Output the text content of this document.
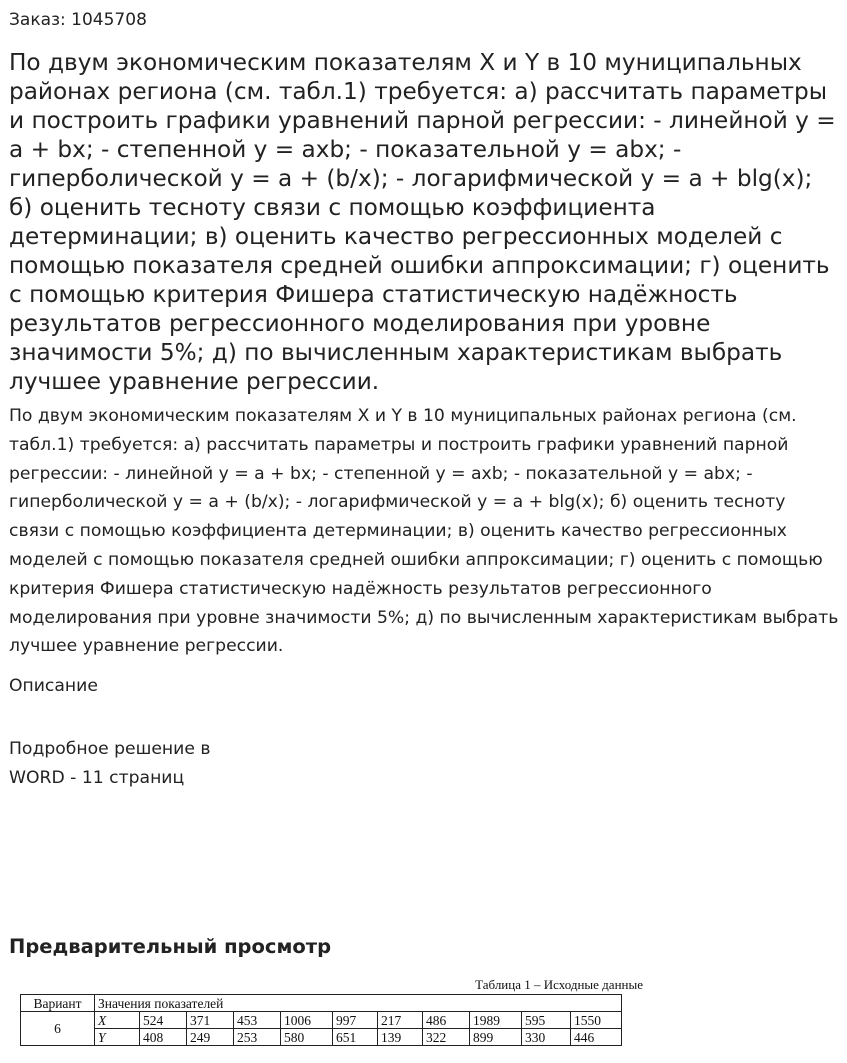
Заказ: 1045708
По двум экономическим показателям X и Y в 10 муниципальных районах региона (см. табл.1) требуется: а) рассчитать параметры и построить графики уравнений парной регрессии: - линейной y = a + bx; - степенной y = axb; - показательной y = abx; - гиперболической y = a + (b/x); - логарифмической y = a + blg(x); б) оценить тесноту связи с помощью коэффициента детерминации; в) оценить качество регрессионных моделей с помощью показателя средней ошибки аппроксимации; г) оценить с помощью критерия Фишера статистическую надёжность результатов регрессионного моделирования при уровне значимости 5%; д) по вычисленным характеристикам выбрать лучшее уравнение регрессии.

По двум экономическим показателям X и Y в 10 муниципальных районах региона (см. табл.1) требуется: а) рассчитать параметры и построить графики уравнений парной регрессии: - линейной y = a + bx; - степенной y = axb; - показательной y = abx; - гиперболической y = a + (b/x); - логарифмической y = a + blg(x); б) оценить тесноту связи с помощью коэффициента детерминации; в) оценить качество регрессионных моделей с помощью показателя средней ошибки аппроксимации; г) оценить с помощью критерия Фишера статистическую надёжность результатов регрессионного моделирования при уровне значимости 5%; д) по вычисленным характеристикам выбрать лучшее уравнение регрессии.

Описание
Подробное решение в WORD - 11 страниц
Предварительный просмотр
Таблица 1 – Исходные данные
Вариант	Значения показателей										
6	X	524	371	453	1006	997	217	486	1989	595	1550
	Y	408	249	253	580	651	139	322	899	330	446
